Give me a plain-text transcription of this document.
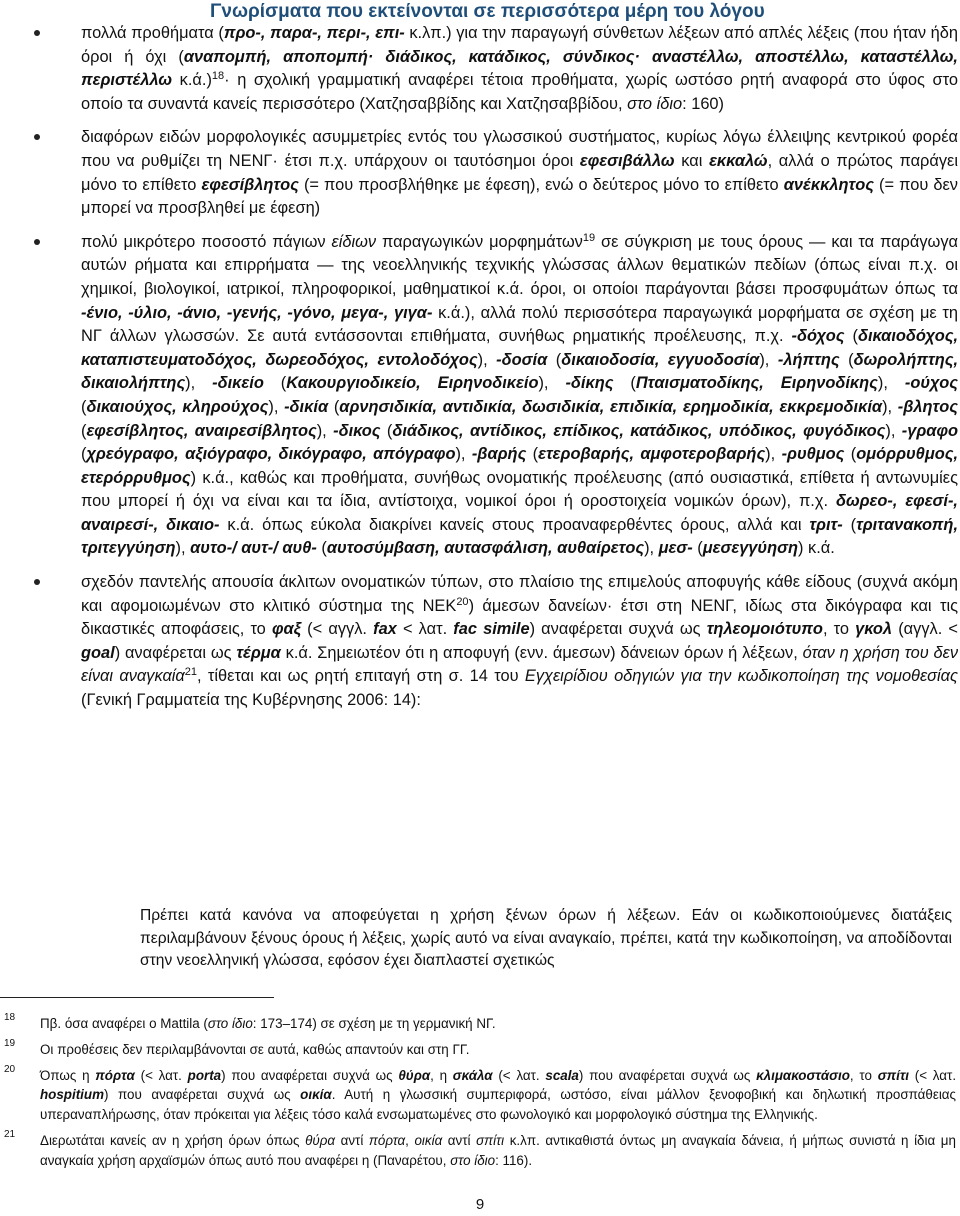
Γνωρίσματα που εκτείνονται σε περισσότερα μέρη του λόγου

πολλά προθήματα (προ-, παρα-, περι-, επι- κ.λπ.) για την παραγωγή σύνθετων λέξεων από απλές λέξεις (που ήταν ήδη όροι ή όχι (αναπομπή, αποπομπή· διάδικος, κατάδικος, σύνδικος· αναστέλλω, αποστέλλω, καταστέλλω, περιστέλλω κ.ά.)$^{18}$· η σχολική γραμματική αναφέρει τέτοια προθήματα, χωρίς ωστόσο ρητή αναφορά στο ύφος στο οποίο τα συναντά κανείς περισσότερο (Χατζησαββίδης και Χατζησαββίδου, στο ίδιο: 160)

διαφόρων ειδών μορφολογικές ασυμμετρίες εντός του γλωσσικού συστήματος, κυρίως λόγω έλλειψης κεντρικού φορέα που να ρυθμίζει τη ΝΕΝΓ· έτσι π.χ. υπάρχουν οι ταυτόσημοι όροι εφεσιβάλλω και εκκαλώ, αλλά ο πρώτος παράγει μόνο το επίθετο εφεσίβλητος (= που προσβλήθηκε με έφεση), ενώ ο δεύτερος μόνο το επίθετο ανέκκλητος (= που δεν μπορεί να προσβληθεί με έφεση)

πολύ μικρότερο ποσοστό πάγιων είδιων παραγωγικών μορφημάτων$^{19}$ σε σύγκριση με τους όρους — και τα παράγωγα αυτών ρήματα και επιρρήματα — της νεοελληνικής τεχνικής γλώσσας άλλων θεματικών πεδίων (όπως είναι π.χ. οι χημικοί, βιολογικοί, ιατρικοί, πληροφορικοί, μαθηματικοί κ.ά. όροι, οι οποίοι παράγονται βάσει προσφυμάτων όπως τα -ένιο, -ύλιο, -άνιο, -γενής, -γόνο, μεγα-, γιγα- κ.ά.), αλλά πολύ περισσότερα παραγωγικά μορφήματα σε σχέση με τη ΝΓ άλλων γλωσσών. Σε αυτά εντάσσονται επιθήματα, συνήθως ρηματικής προέλευσης, π.χ. -δόχος (δικαιοδόχος, καταπιστευματοδόχος, δωρεοδόχος, εντολοδόχος), -δοσία (δικαιοδοσία, εγγυοδοσία), -λήπτης (δωρολήπτης, δικαιολήπτης), -δικείο (Κακουργιοδικείο, Ειρηνοδικείο), -δίκης (Πταισματοδίκης, Ειρηνοδίκης), -ούχος (δικαιούχος, κληρούχος), -δικία (αρνησιδικία, αντιδικία, δωσιδικία, επιδικία, ερημοδικία, εκκρεμοδικία), -βλητος (εφεσίβλητος, αναιρεσίβλητος), -δικος (διάδικος, αντίδικος, επίδικος, κατάδικος, υπόδικος, φυγόδικος), -γραφο (χρεόγραφο, αξιόγραφο, δικόγραφο, απόγραφο), -βαρής (ετεροβαρής, αμφοτεροβαρής), -ρυθμος (ομόρρυθμος, ετερόρρυθμος) κ.ά., καθώς και προθήματα, συνήθως ονοματικής προέλευσης (από ουσιαστικά, επίθετα ή αντωνυμίες που μπορεί ή όχι να είναι και τα ίδια, αντίστοιχα, νομικοί όροι ή οροστοιχεία νομικών όρων), π.χ. δωρεο-, εφεσί-, αναιρεσί-, δικαιο- κ.ά. όπως εύκολα διακρίνει κανείς στους προαναφερθέντες όρους, αλλά και τριτ- (τριτανακοπή, τριτεγγύηση), αυτο-/ αυτ-/ αυθ- (αυτοσύμβαση, αυτασφάλιση, αυθαίρετος), μεσ- (μεσεγγύηση) κ.ά.

σχεδόν παντελής απουσία άκλιτων ονοματικών τύπων, στο πλαίσιο της επιμελούς αποφυγής κάθε είδους (συχνά ακόμη και αφομοιωμένων στο κλιτικό σύστημα της ΝΕΚ$^{20}$) άμεσων δανείων· έτσι στη ΝΕΝΓ, ιδίως στα δικόγραφα και τις δικαστικές αποφάσεις, το φαξ (< αγγλ. fax < λατ. fac simile) αναφέρεται συχνά ως τηλεομοιότυπο, το γκολ (αγγλ. < goal) αναφέρεται ως τέρμα κ.ά. Σημειωτέον ότι η αποφυγή (ενν. άμεσων) δάνειων όρων ή λέξεων, όταν η χρήση του δεν είναι αναγκαία$^{21}$, τίθεται και ως ρητή επιταγή στη σ. 14 του Εγχειρίδιου οδηγιών για την κωδικοποίηση της νομοθεσίας (Γενική Γραμματεία της Κυβέρνησης 2006: 14):

Πρέπει κατά κανόνα να αποφεύγεται η χρήση ξένων όρων ή λέξεων. Εάν οι κωδικοποιούμενες διατάξεις περιλαμβάνουν ξένους όρους ή λέξεις, χωρίς αυτό να είναι αναγκαίο, πρέπει, κατά την κωδικοποίηση, να αποδίδονται στην νεοελληνική γλώσσα, εφόσον έχει διαπλαστεί σχετικώς

18 Πβ. όσα αναφέρει ο Mattila (στο ίδιο: 173–174) σε σχέση με τη γερμανική ΝΓ.

19 Οι προθέσεις δεν περιλαμβάνονται σε αυτά, καθώς απαντούν και στη ΓΓ.

20 Όπως η πόρτα (< λατ. porta) που αναφέρεται συχνά ως θύρα, η σκάλα (< λατ. scala) που αναφέρεται συχνά ως κλιμακοστάσιο, το σπίτι (< λατ. hospitium) που αναφέρεται συχνά ως οικία. Αυτή η γλωσσική συμπεριφορά, ωστόσο, είναι μάλλον ξενοφοβική και δηλωτική προσπάθειας υπεραναπλήρωσης, όταν πρόκειται για λέξεις τόσο καλά ενσωματωμένες στο φωνολογικό και μορφολογικό σύστημα της Ελληνικής.

21 Διερωτάται κανείς αν η χρήση όρων όπως θύρα αντί πόρτα, οικία αντί σπίτι κ.λπ. αντικαθιστά όντως μη αναγκαία δάνεια, ή μήπως συνιστά η ίδια μη αναγκαία χρήση αρχαϊσμών όπως αυτό που αναφέρει η (Παναρέτου, στο ίδιο: 116).

9
